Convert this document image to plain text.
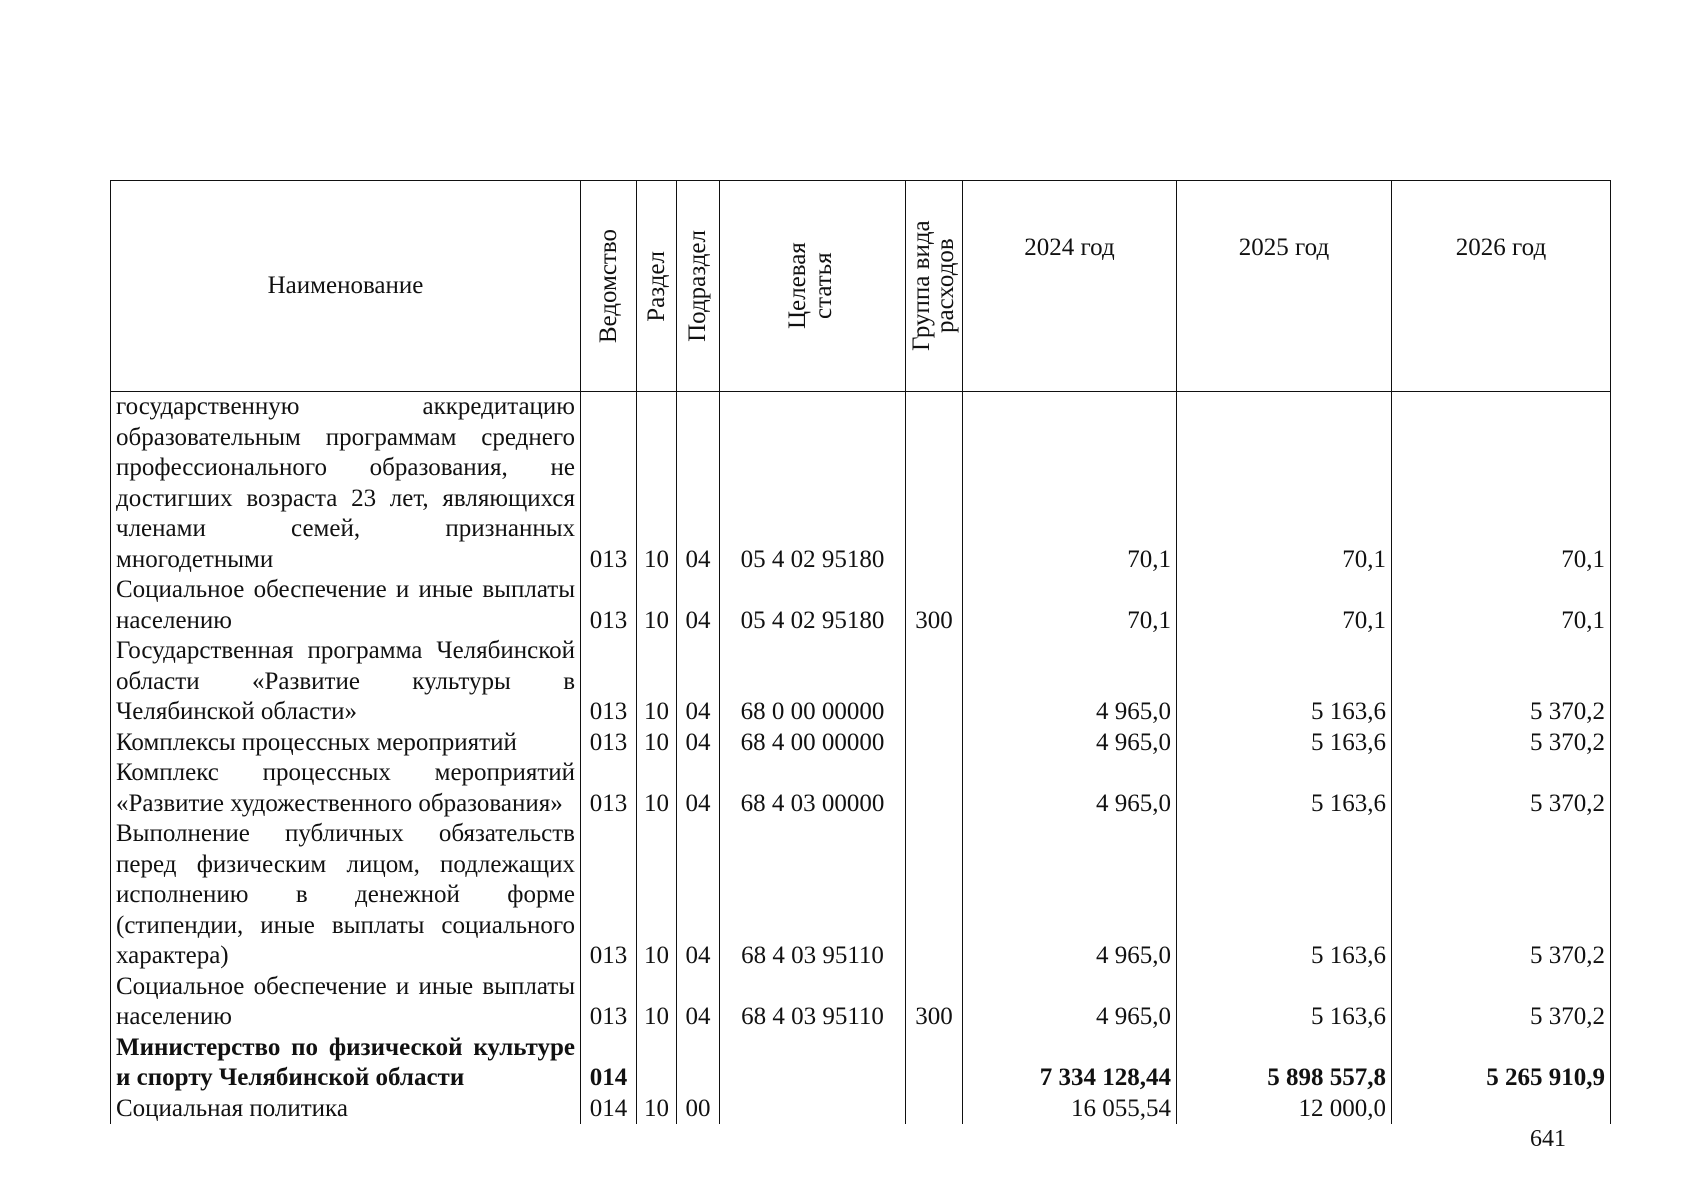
Наименование	Ведомство	Раздел	Подраздел	Целевая статья	Группа вида расходов	2024 год	2025 год	2026 год

государственную аккредитацию образовательным программам среднего профессионального образования, не достигших возраста 23 лет, являющихся членами семей, признанных многодетными	013	10	04	05 4 02 95180		70,1	70,1	70,1

Социальное обеспечение и иные выплаты населению	013	10	04	05 4 02 95180	300	70,1	70,1	70,1

Государственная программа Челябинской области «Развитие культуры в Челябинской области»	013	10	04	68 0 00 00000		4 965,0	5 163,6	5 370,2

Комплексы процессных мероприятий	013	10	04	68 4 00 00000		4 965,0	5 163,6	5 370,2

Комплекс процессных мероприятий «Развитие художественного образования»	013	10	04	68 4 03 00000		4 965,0	5 163,6	5 370,2

Выполнение публичных обязательств перед физическим лицом, подлежащих исполнению в денежной форме (стипендии, иные выплаты социального характера)	013	10	04	68 4 03 95110		4 965,0	5 163,6	5 370,2

Социальное обеспечение и иные выплаты населению	013	10	04	68 4 03 95110	300	4 965,0	5 163,6	5 370,2

Министерство по физической культуре и спорту Челябинской области	014					7 334 128,44	5 898 557,8	5 265 910,9

Социальная политика	014	10	00			16 055,54	12 000,0	
641
